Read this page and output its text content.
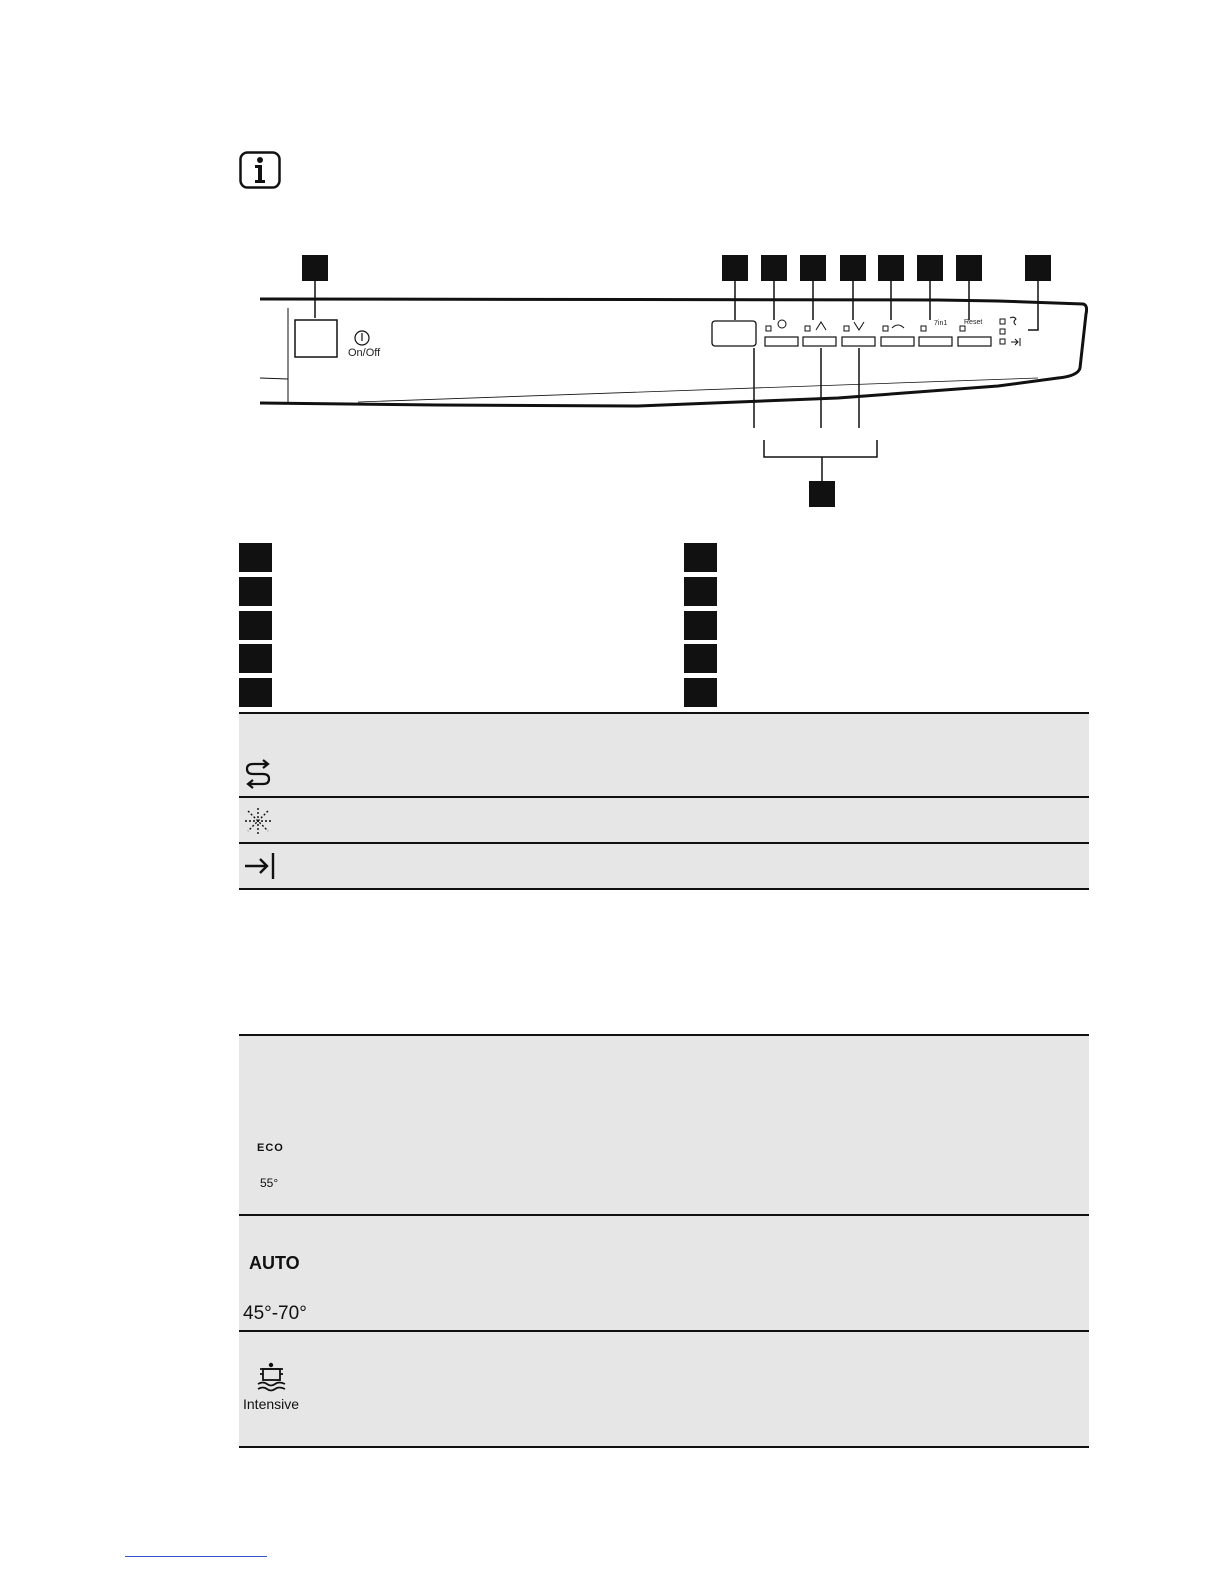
On/Off
Reset
7in1
ECO
55°
AUTO
45°-70°
Intensive
